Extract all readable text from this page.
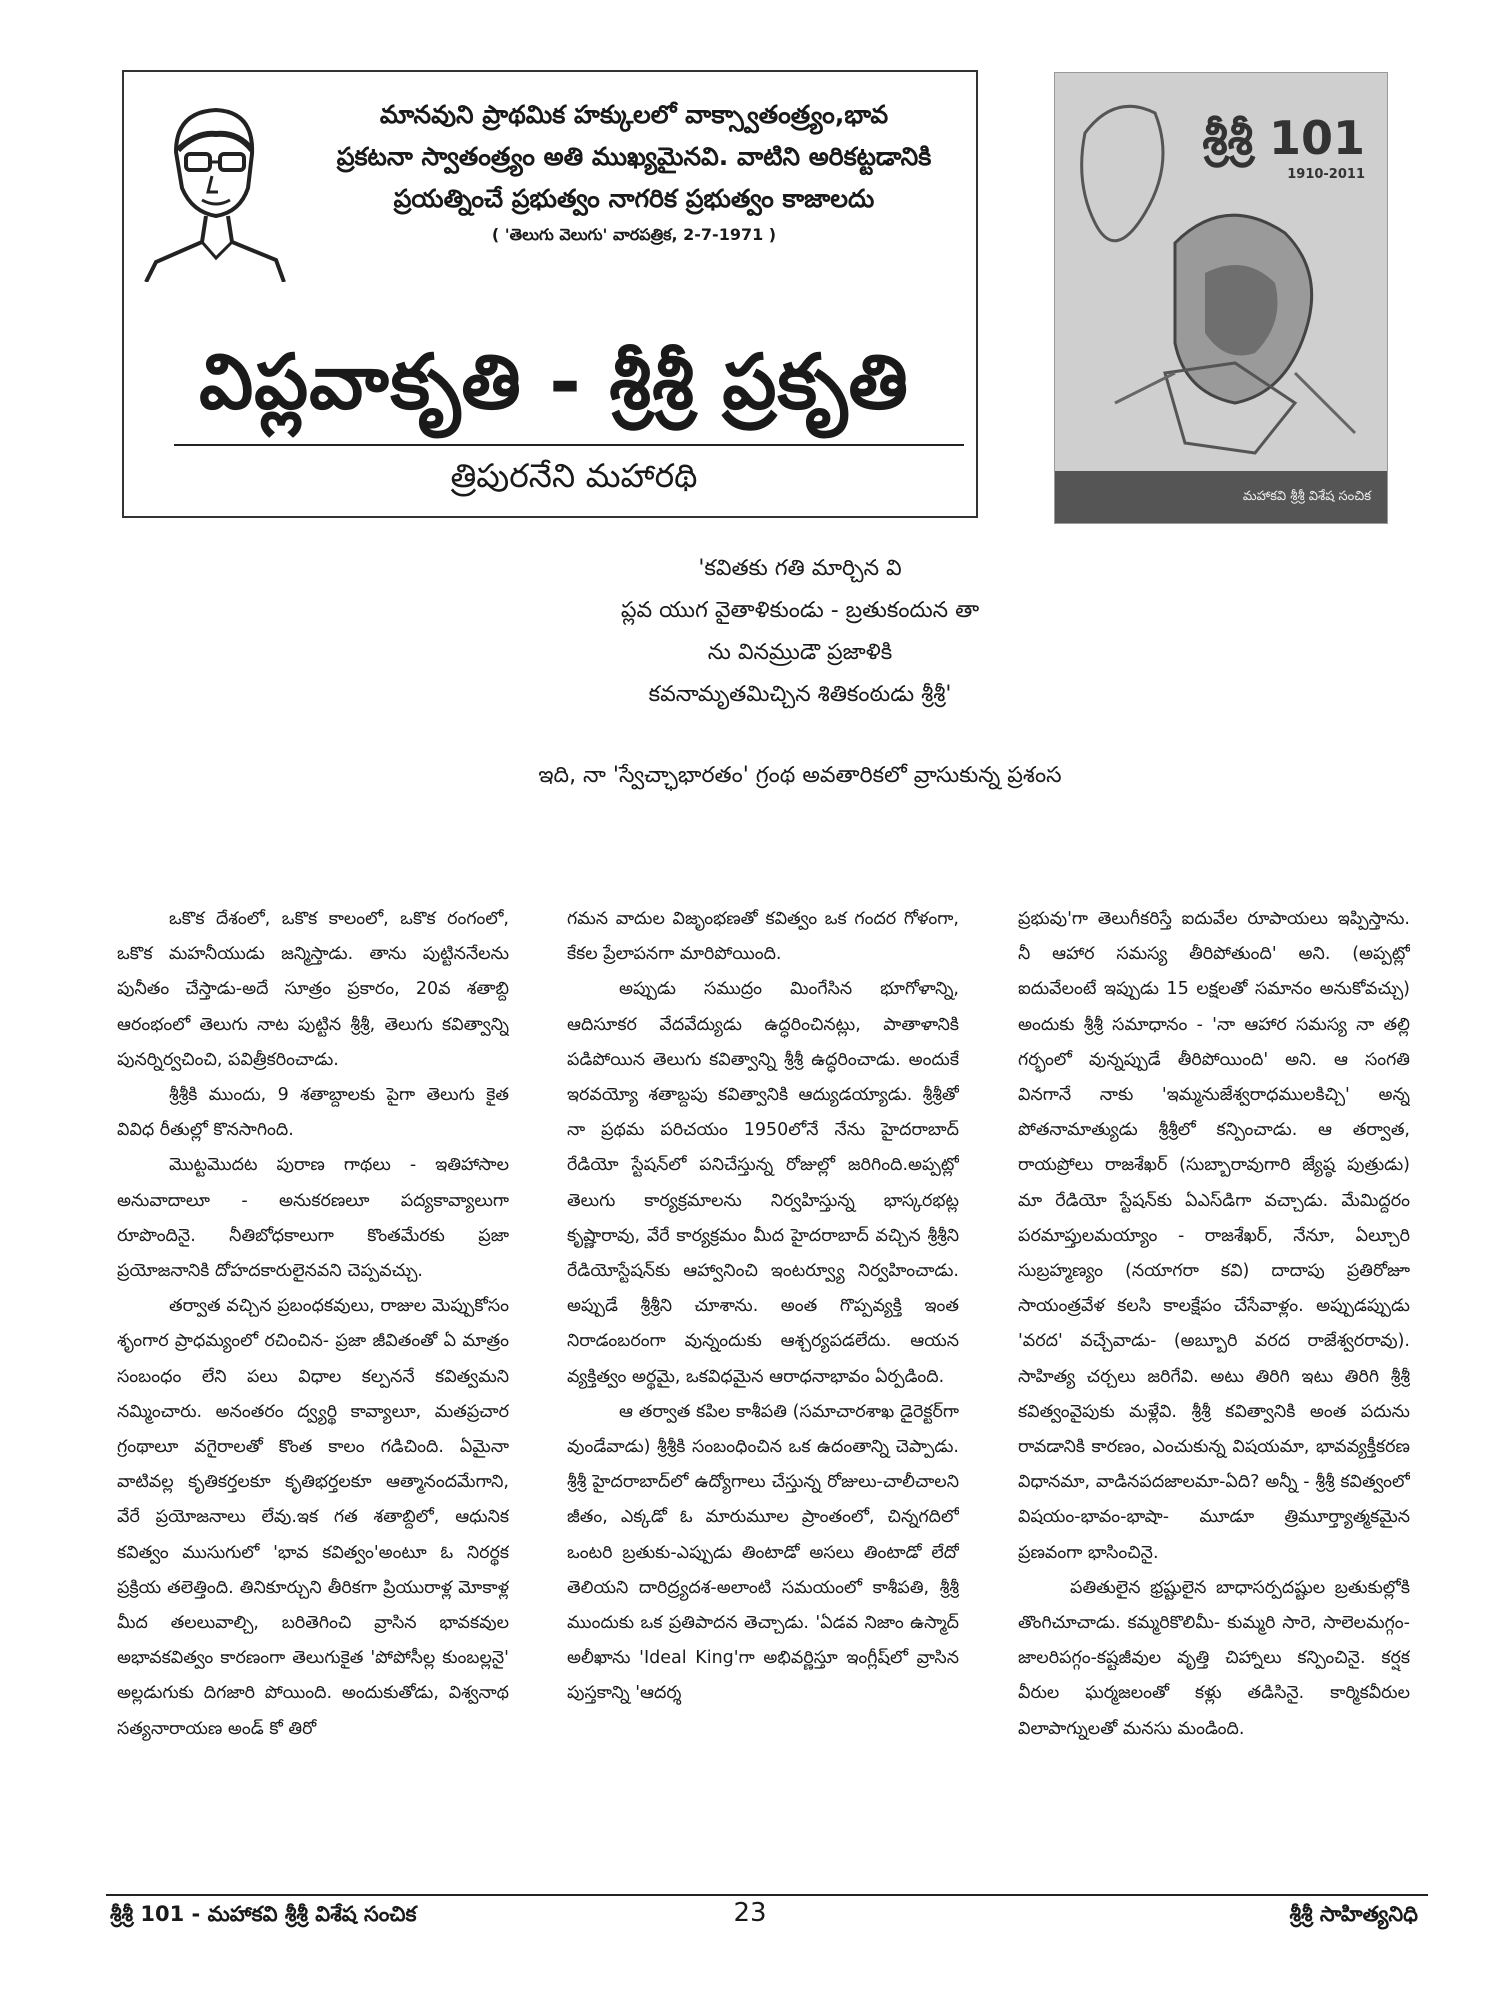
మానవుని ప్రాథమిక హక్కులలో వాక్స్వాతంత్ర్యం,భావ
ప్రకటనా స్వాతంత్ర్యం అతి ముఖ్యమైనవి. వాటిని అరికట్టడానికి
ప్రయత్నించే ప్రభుత్వం నాగరిక ప్రభుత్వం కాజాలదు
( 'తెలుగు వెలుగు' వారపత్రిక, 2-7-1971 )
విప్లవాకృతి - శ్రీశ్రీ ప్రకృతి
త్రిపురనేని మహారథి
శ్రీశ్రీ 101
1910-2011
మహాకవి శ్రీశ్రీ విశేష సంచిక
'కవితకు గతి మార్చిన వి
ప్లవ యుగ వైతాళికుండు - బ్రతుకందున తా
ను వినమ్రుడౌ ప్రజాళికి
కవనామృతమిచ్చిన శితికంఠుడు శ్రీశ్రీ'
ఇది, నా 'స్వేచ్ఛాభారతం' గ్రంథ అవతారికలో వ్రాసుకున్న ప్రశంస

ఒకొక దేశంలో, ఒకొక కాలంలో, ఒకొక రంగంలో, ఒకొక మహనీయుడు జన్మిస్తాడు. తాను పుట్టిననేలను పునీతం చేస్తాడు-అదే సూత్రం ప్రకారం, 20వ శతాబ్ది ఆరంభంలో తెలుగు నాట పుట్టిన శ్రీశ్రీ, తెలుగు కవిత్వాన్ని పునర్నిర్వచించి, పవిత్రీకరించాడు.

శ్రీశ్రీకి ముందు, 9 శతాబ్దాలకు పైగా తెలుగు కైత వివిధ రీతుల్లో కొనసాగింది.

మొట్టమొదట పురాణ గాథలు - ఇతిహాసాల అనువాదాలూ - అనుకరణలూ పద్యకావ్యాలుగా రూపొందినై. నీతిబోధకాలుగా కొంతమేరకు ప్రజా ప్రయోజనానికి దోహదకారులైనవని చెప్పవచ్చు.

తర్వాత వచ్చిన ప్రబంధకవులు, రాజుల మెప్పుకోసం శృంగార ప్రాధమ్యంలో రచించిన- ప్రజా జీవితంతో ఏ మాత్రం సంబంధం లేని పలు విధాల కల్పననే కవిత్వమని నమ్మించారు. అనంతరం ద్వ్యర్థి కావ్యాలూ, మతప్రచార గ్రంథాలూ వగైరాలతో కొంత కాలం గడిచింది. ఏమైనా వాటివల్ల కృతికర్తలకూ కృతిభర్తలకూ ఆత్మానందమేగాని, వేరే ప్రయోజనాలు లేవు.ఇక గత శతాబ్దిలో, ఆధునిక కవిత్వం ముసుగులో 'భావ కవిత్వం'అంటూ ఓ నిరర్థక ప్రక్రియ తలెత్తింది. తినికూర్చుని తీరికగా ప్రియురాళ్ల మోకాళ్ల మీద తలలువాల్చి, బరితెగించి వ్రాసిన భావకవుల అభావకవిత్వం కారణంగా తెలుగుకైత 'పోపోసీల్ల కుంబల్లనై' అల్లడుగుకు దిగజారి పోయింది. అందుకుతోడు, విశ్వనాథ సత్యనారాయణ అండ్ కో తిరో

గమన వాదుల విజృంభణతో కవిత్వం ఒక గందర గోళంగా, కేకల ప్రేలాపనగా మారిపోయింది.

అప్పుడు సముద్రం మింగేసిన భూగోళాన్ని, ఆదిసూకర వేదవేద్యుడు ఉద్ధరించినట్లు, పాతాళానికి పడిపోయిన తెలుగు కవిత్వాన్ని శ్రీశ్రీ ఉద్ధరించాడు. అందుకే ఇరవయ్యో శతాబ్దపు కవిత్వానికి ఆద్యుడయ్యాడు. శ్రీశ్రీతో నా ప్రథమ పరిచయం 1950లోనే నేను హైదరాబాద్ రేడియో స్టేషన్‌లో పనిచేస్తున్న రోజుల్లో జరిగింది.అప్పట్లో తెలుగు కార్యక్రమాలను నిర్వహిస్తున్న భాస్కరభట్ల కృష్ణారావు, వేరే కార్యక్రమం మీద హైదరాబాద్ వచ్చిన శ్రీశ్రీని రేడియోస్టేషన్‌కు ఆహ్వానించి ఇంటర్వ్యూ నిర్వహించాడు. అప్పుడే శ్రీశ్రీని చూశాను. అంత గొప్పవ్యక్తి ఇంత నిరాడంబరంగా వున్నందుకు ఆశ్చర్యపడలేదు. ఆయన వ్యక్తిత్వం అర్థమై, ఒకవిధమైన ఆరాధనాభావం ఏర్పడింది.

ఆ తర్వాత కపిల కాశీపతి (సమాచారశాఖ డైరెక్టర్‌గా వుండేవాడు) శ్రీశ్రీకి సంబంధించిన ఒక ఉదంతాన్ని చెప్పాడు. శ్రీశ్రీ హైదరాబాద్‌లో ఉద్యోగాలు చేస్తున్న రోజులు-చాలీచాలని జీతం, ఎక్కడో ఓ మారుమూల ప్రాంతంలో, చిన్నగదిలో ఒంటరి బ్రతుకు-ఎప్పుడు తింటాడో అసలు తింటాడో లేదో తెలియని దారిద్ర్యదశ-అలాంటి సమయంలో కాశీపతి, శ్రీశ్రీ ముందుకు ఒక ప్రతిపాదన తెచ్చాడు. 'ఏడవ నిజాం ఉస్మాద్ అలీఖాను 'Ideal King'గా అభివర్ణిస్తూ ఇంగ్లీష్‌లో వ్రాసిన పుస్తకాన్ని 'ఆదర్శ

ప్రభువు'గా తెలుగీకరిస్తే ఐదువేల రూపాయలు ఇప్పిస్తాను. నీ ఆహార సమస్య తీరిపోతుంది' అని. (అప్పట్లో ఐదువేలంటే ఇప్పుడు 15 లక్షలతో సమానం అనుకోవచ్చు) అందుకు శ్రీశ్రీ సమాధానం - 'నా ఆహార సమస్య నా తల్లి గర్భంలో వున్నప్పుడే తీరిపోయింది' అని. ఆ సంగతి వినగానే నాకు 'ఇమ్మనుజేశ్వరాధములకిచ్చి' అన్న పోతనామాత్యుడు శ్రీశ్రీలో కన్పించాడు. ఆ తర్వాత, రాయప్రోలు రాజశేఖర్ (సుబ్బారావుగారి జ్యేష్ఠ పుత్రుడు) మా రేడియో స్టేషన్‌కు ఏఎస్‌డిగా వచ్చాడు. మేమిద్దరం పరమాప్తులమయ్యాం - రాజశేఖర్, నేనూ, ఏల్చూరి సుబ్రహ్మణ్యం (నయాగరా కవి) దాదాపు ప్రతిరోజూ సాయంత్రవేళ కలసి కాలక్షేపం చేసేవాళ్లం. అప్పుడప్పుడు 'వరద' వచ్చేవాడు- (అబ్బూరి వరద రాజేశ్వరరావు). సాహిత్య చర్చలు జరిగేవి. అటు తిరిగి ఇటు తిరిగి శ్రీశ్రీ కవిత్వంవైపుకు మళ్లేవి. శ్రీశ్రీ కవిత్వానికి అంత పదును రావడానికి కారణం, ఎంచుకున్న విషయమా, భావవ్యక్తీకరణ విధానమా, వాడినపదజాలమా-ఏది? అన్నీ - శ్రీశ్రీ కవిత్వంలో విషయం-భావం-భాషా- మూడూ త్రిమూర్త్యాత్మకమైన ప్రణవంగా భాసించినై.

పతితులైన భ్రష్టులైన బాధాసర్పదష్టుల బ్రతుకుల్లోకి తొంగిచూచాడు. కమ్మరికొలిమీ- కుమ్మరి సారె, సాలెలమగ్గం-జాలరిపగ్గం-కష్టజీవుల వృత్తి చిహ్నాలు కన్పించినై. కర్షక వీరుల ఘర్మజలంతో కళ్లు తడిసినై. కార్మికవీరుల విలాపాగ్నులతో మనసు మండింది.

శ్రీశ్రీ 101 - మహాకవి శ్రీశ్రీ విశేష సంచిక	23	శ్రీశ్రీ సాహిత్యనిధి
